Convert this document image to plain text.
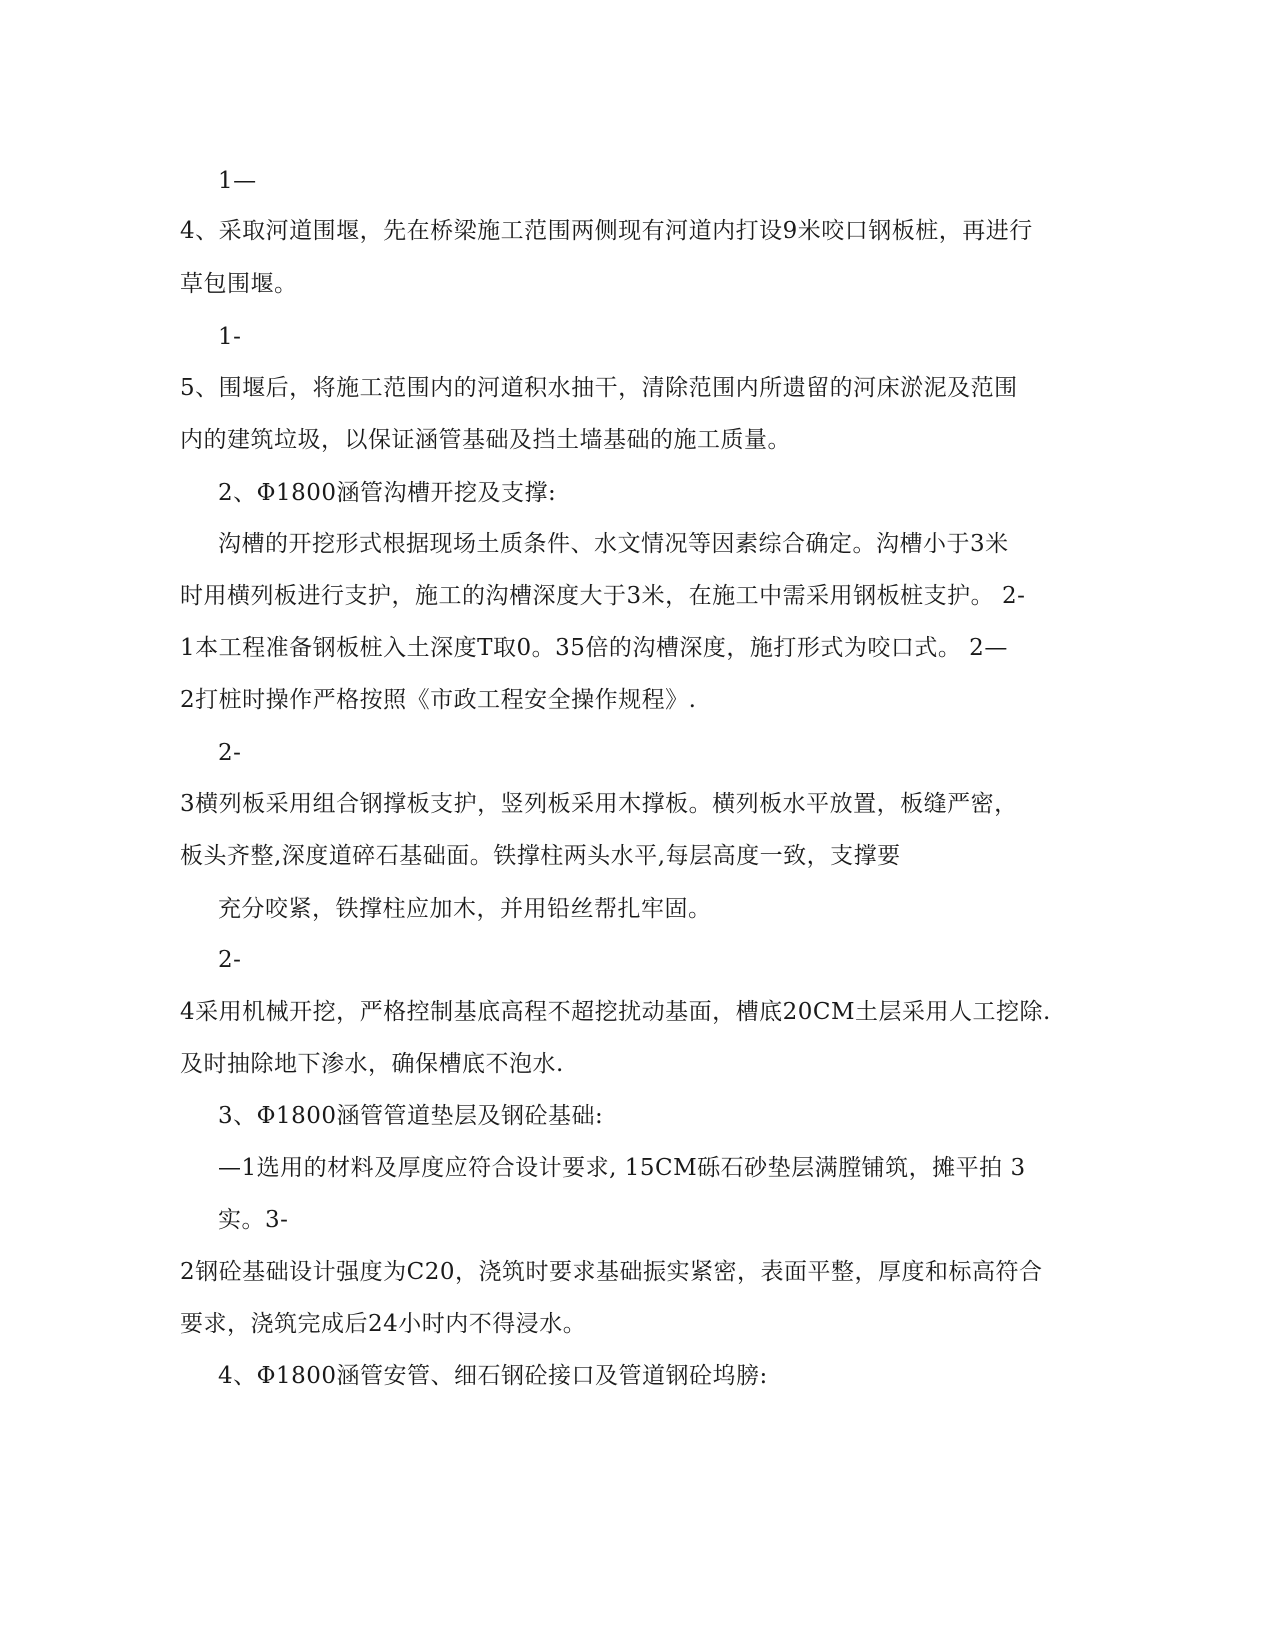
1—
4、采取河道围堰，先在桥梁施工范围两侧现有河道内打设9米咬口钢板桩，再进行
草包围堰。
1-
5、围堰后，将施工范围内的河道积水抽干，清除范围内所遗留的河床淤泥及范围
内的建筑垃圾，以保证涵管基础及挡土墙基础的施工质量。
2、Φ1800涵管沟槽开挖及支撑:
沟槽的开挖形式根据现场土质条件、水文情况等因素综合确定。沟槽小于3米
时用横列板进行支护，施工的沟槽深度大于3米，在施工中需采用钢板桩支护。 2-
1本工程准备钢板桩入土深度T取0。35倍的沟槽深度，施打形式为咬口式。 2—
2打桩时操作严格按照《市政工程安全操作规程》.
2-
3横列板采用组合钢撑板支护，竖列板采用木撑板。横列板水平放置，板缝严密，
板头齐整,深度道碎石基础面。铁撑柱两头水平,每层高度一致，支撑要
充分咬紧，铁撑柱应加木，并用铅丝帮扎牢固。
2-
4采用机械开挖，严格控制基底高程不超挖扰动基面，槽底20CM土层采用人工挖除.
及时抽除地下渗水，确保槽底不泡水.
3、Φ1800涵管管道垫层及钢砼基础:
—1选用的材料及厚度应符合设计要求, 15CM砾石砂垫层满膛铺筑，摊平拍 3
实。3-
2钢砼基础设计强度为C20，浇筑时要求基础振实紧密，表面平整，厚度和标高符合
要求，浇筑完成后24小时内不得浸水。
4、Φ1800涵管安管、细石钢砼接口及管道钢砼坞膀:
